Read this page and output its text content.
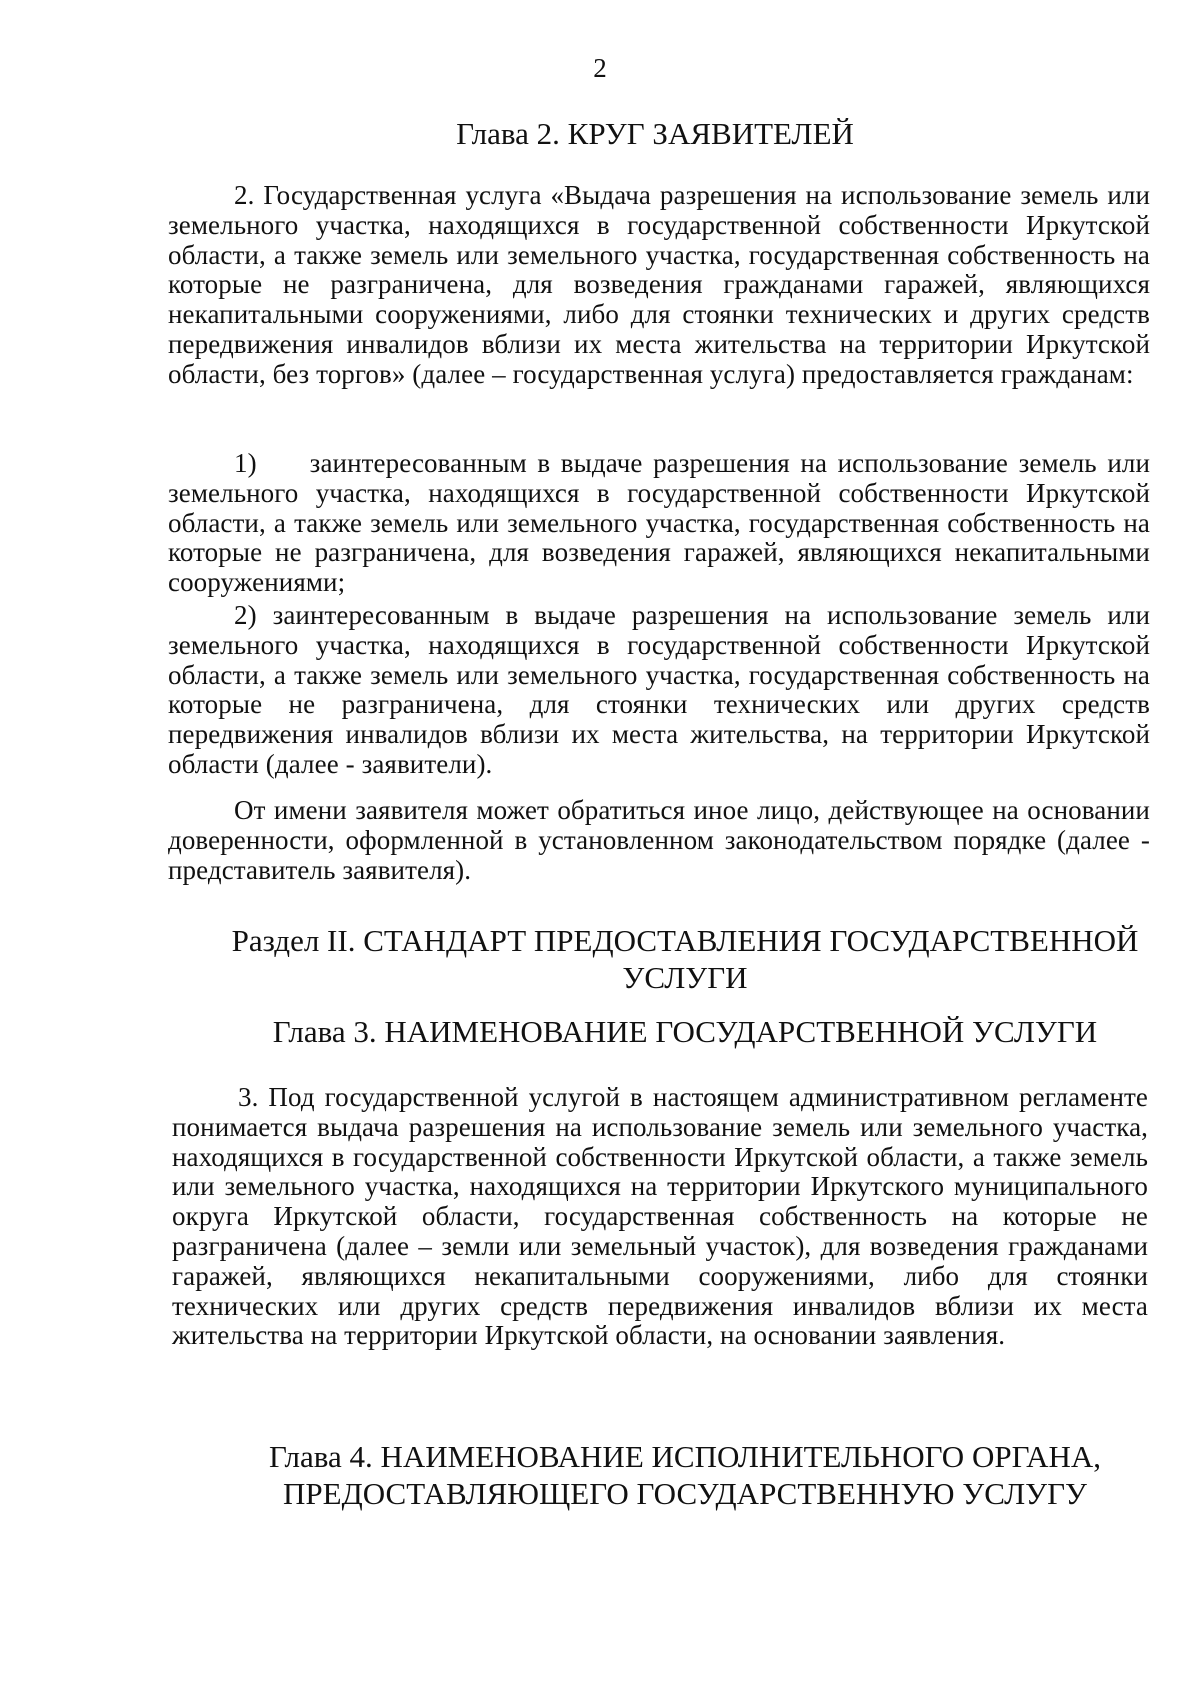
2
Глава 2. КРУГ ЗАЯВИТЕЛЕЙ

2. Государственная услуга «Выдача разрешения на использование земель или земельного участка, находящихся в государственной собственности Иркутской области, а также земель или земельного участка, государственная собственность на которые не разграничена, для возведения гражданами гаражей, являющихся некапитальными сооружениями, либо для стоянки технических и других средств передвижения инвалидов вблизи их места жительства на территории Иркутской области, без торгов» (далее – государственная услуга) предоставляется гражданам:

1)     заинтересованным в выдаче разрешения на использование земель или земельного участка, находящихся в государственной собственности Иркутской области, а также земель или земельного участка, государственная собственность на которые не разграничена, для возведения гаражей, являющихся некапитальными сооружениями;

2) заинтересованным в выдаче разрешения на использование земель или земельного участка, находящихся в государственной собственности Иркутской области, а также земель или земельного участка, государственная собственность на которые не разграничена, для стоянки технических или других средств передвижения инвалидов вблизи их места жительства, на территории Иркутской области (далее - заявители).

От имени заявителя может обратиться иное лицо, действующее на основании доверенности, оформленной в установленном законодательством порядке (далее - представитель заявителя).

Раздел II. СТАНДАРТ ПРЕДОСТАВЛЕНИЯ ГОСУДАРСТВЕННОЙ
УСЛУГИ
Глава 3. НАИМЕНОВАНИЕ ГОСУДАРСТВЕННОЙ УСЛУГИ

3. Под государственной услугой в настоящем административном регламенте понимается выдача разрешения на использование земель или земельного участка, находящихся в государственной собственности Иркутской области, а также земель или земельного участка, находящихся на территории Иркутского муниципального округа Иркутской области, государственная собственность на которые не разграничена (далее – земли или земельный участок), для возведения гражданами гаражей, являющихся некапитальными сооружениями, либо для стоянки технических или других средств передвижения инвалидов вблизи их места жительства на территории Иркутской области, на основании заявления.

Глава 4. НАИМЕНОВАНИЕ ИСПОЛНИТЕЛЬНОГО ОРГАНА,
ПРЕДОСТАВЛЯЮЩЕГО ГОСУДАРСТВЕННУЮ УСЛУГУ
